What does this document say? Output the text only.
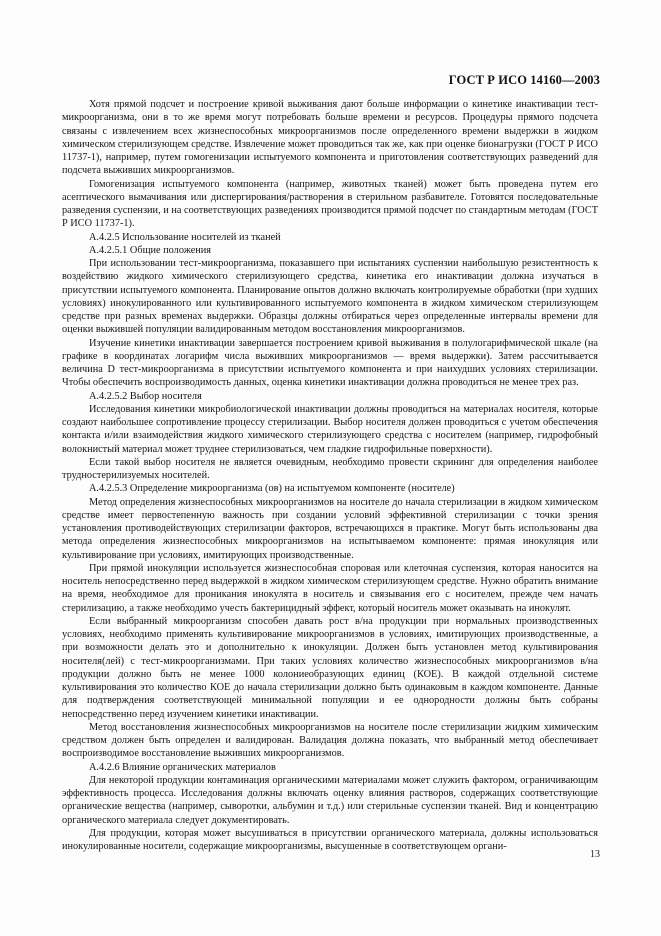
ГОСТ Р ИСО 14160—2003

Хотя прямой подсчет и построение кривой выживания дают больше информации о кинетике инактивации тест-микроорганизма, они в то же время могут потребовать больше времени и ресурсов. Процедуры прямого подсчета связаны с извлечением всех жизнеспособных микроорганизмов после определенного времени выдержки в жидком химическом стерилизующем средстве. Извлечение может проводиться так же, как при оценке бионагрузки (ГОСТ Р ИСО 11737-1), например, путем гомогенизации испытуемого компонента и приготовления соответствующих разведений для подсчета выживших микроорганизмов.

Гомогенизация испытуемого компонента (например, животных тканей) может быть проведена путем его асептического вымачивания или диспергирования/растворения в стерильном разбавителе. Готовятся последовательные разведения суспензии, и на соответствующих разведениях производится прямой подсчет по стандартным методам (ГОСТ Р ИСО 11737-1).

А.4.2.5 Использование носителей из тканей

А.4.2.5.1 Общие положения

При использовании тест-микроорганизма, показавшего при испытаниях суспензии наибольшую резистентность к воздействию жидкого химического стерилизующего средства, кинетика его инактивации должна изучаться в присутствии испытуемого компонента. Планирование опытов должно включать контролируемые обработки (при худших условиях) инокулированного или культивированного испытуемого компонента в жидком химическом стерилизующем средстве при разных временах выдержки. Образцы должны отбираться через определенные интервалы времени для оценки выжившей популяции валидированным методом восстановления микроорганизмов.

Изучение кинетики инактивации завершается построением кривой выживания в полулогарифмической шкале (на графике в координатах логарифм числа выживших микроорганизмов — время выдержки). Затем рассчитывается величина D тест-микроорганизма в присутствии испытуемого компонента и при наихудших условиях стерилизации. Чтобы обеспечить воспроизводимость данных, оценка кинетики инактивации должна проводиться не менее трех раз.

А.4.2.5.2 Выбор носителя

Исследования кинетики микробиологической инактивации должны проводиться на материалах носителя, которые создают наибольшее сопротивление процессу стерилизации. Выбор носителя должен проводиться с учетом обеспечения контакта и/или взаимодействия жидкого химического стерилизующего средства с носителем (например, гидрофобный волокнистый материал может труднее стерилизоваться, чем гладкие гидрофильные поверхности).

Если такой выбор носителя не является очевидным, необходимо провести скрининг для определения наиболее трудностерилизуемых носителей.

А.4.2.5.3 Определение микроорганизма (ов) на испытуемом компоненте (носителе)

Метод определения жизнеспособных микроорганизмов на носителе до начала стерилизации в жидком химическом средстве имеет первостепенную важность при создании условий эффективной стерилизации с точки зрения установления противодействующих стерилизации факторов, встречающихся в практике. Могут быть использованы два метода определения жизнеспособных микроорганизмов на испытываемом компоненте: прямая инокуляция или культивирование при условиях, имитирующих производственные.

При прямой инокуляции используется жизнеспособная споровая или клеточная суспензия, которая наносится на носитель непосредственно перед выдержкой в жидком химическом стерилизующем средстве. Нужно обратить внимание на время, необходимое для проникания инокулята в носитель и связывания его с носителем, прежде чем начать стерилизацию, а также необходимо учесть бактерицидный эффект, который носитель может оказывать на инокулят.

Если выбранный микроорганизм способен давать рост в/на продукции при нормальных производственных условиях, необходимо применять культивирование микроорганизмов в условиях, имитирующих производственные, а при возможности делать это и дополнительно к инокуляции. Должен быть установлен метод культивирования носителя(лей) с тест-микроорганизмами. При таких условиях количество жизнеспособных микроорганизмов в/на продукции должно быть не менее 1000 колониеобразующих единиц (КОЕ). В каждой отдельной системе культивирования это количество КОЕ до начала стерилизации должно быть одинаковым в каждом компоненте. Данные для подтверждения соответствующей минимальной популяции и ее однородности должны быть собраны непосредственно перед изучением кинетики инактивации.

Метод восстановления жизнеспособных микроорганизмов на носителе после стерилизации жидким химическим средством должен быть определен и валидирован. Валидация должна показать, что выбранный метод обеспечивает воспроизводимое восстановление выживших микроорганизмов.

А.4.2.6 Влияние органических материалов

Для некоторой продукции контаминация органическими материалами может служить фактором, ограничивающим эффективность процесса. Исследования должны включать оценку влияния растворов, содержащих соответствующие органические вещества (например, сыворотки, альбумин и т.д.) или стерильные суспензии тканей. Вид и концентрацию органического материала следует документировать.

Для продукции, которая может высушиваться в присутствии органического материала, должны использоваться инокулированные носители, содержащие микроорганизмы, высушенные в соответствующем органи-

13
